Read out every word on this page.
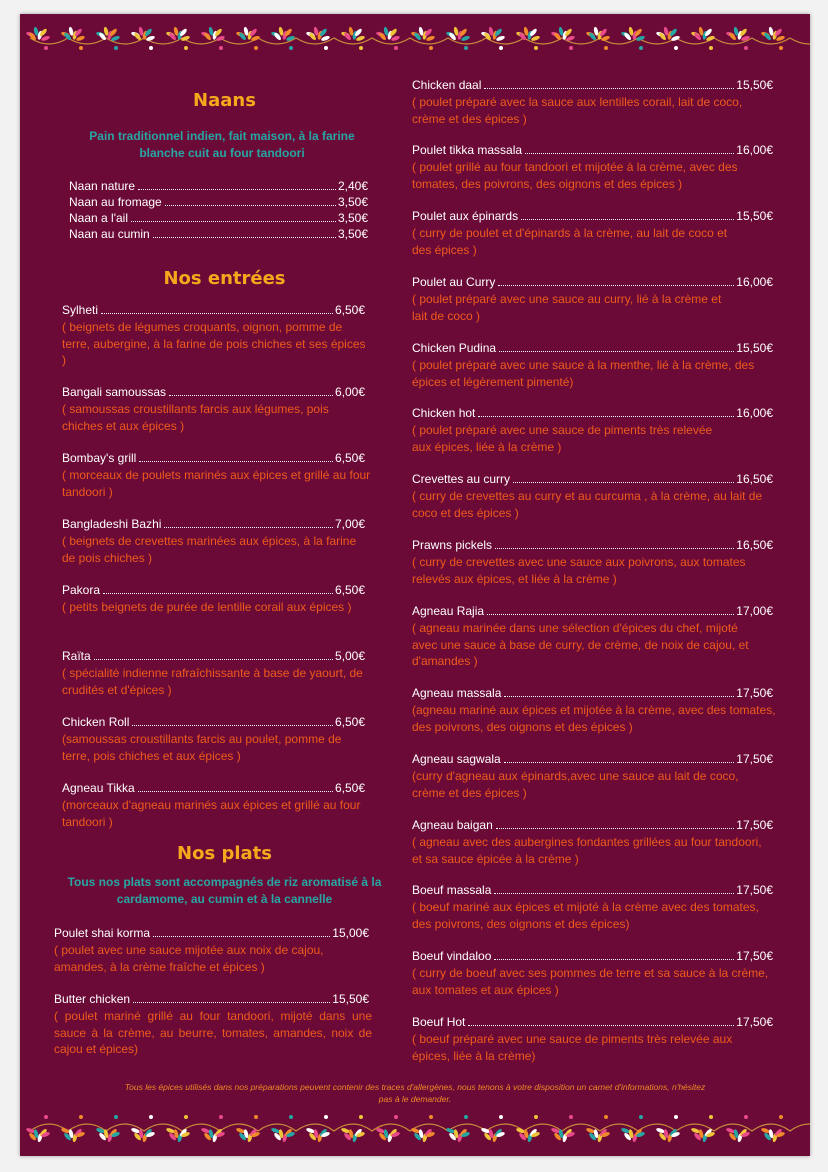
Naans
Pain traditionnel indien, fait maison, à la farine blanche cuit au four tandoori
Naan nature	2,40€
Naan au fromage	3,50€
Naan a l'ail	3,50€
Naan au cumin	3,50€
Nos entrées
Sylheti	6,50€
( beignets de légumes croquants, oignon, pomme de terre, aubergine, à la farine de pois chiches et ses épices )
Bangali samoussas	6,00€
( samoussas croustillants farcis aux légumes, pois chiches et aux épices )
Bombay's grill	6,50€
( morceaux de poulets marinés aux épices et grillé au four tandoori )
Bangladeshi Bazhi	7,00€
( beignets de crevettes marinées aux épices, à la farine de pois chiches )
Pakora	6,50€
( petits beignets de purée de lentille corail aux épices )
Raïta	5,00€
( spécialité indienne rafraîchissante à base de yaourt, de crudités et d'épices )
Chicken Roll	6,50€
(samoussas croustillants farcis au poulet, pomme de terre, pois chiches et aux épices )
Agneau Tikka	6,50€
(morceaux d'agneau marinés aux épices et grillé au four tandoori )
Nos plats
Tous nos plats sont accompagnés de riz aromatisé à la cardamome, au cumin et à la cannelle
Poulet shai korma	15,00€
( poulet avec une sauce mijotée aux noix de cajou, amandes, à la crème fraîche et épices )
Butter chicken	15,50€
( poulet mariné grillé au four tandoori, mijoté dans une sauce à la crème, au beurre, tomates, amandes, noix de cajou et épices)
Chicken daal	15,50€
( poulet préparé avec la sauce aux lentilles corail, lait de coco, crème et des épices )
Poulet tikka massala	16,00€
( poulet grillé au four tandoori et mijotée à la crème, avec des tomates, des poivrons, des oignons et des épices )
Poulet aux épinards	15,50€
( curry de poulet et d'épinards à la crème, au lait de coco et des épices )
Poulet au Curry	16,00€
( poulet préparé avec une sauce au curry, lié à la crème et lait de coco )
Chicken Pudina	15,50€
( poulet préparé avec une sauce à la menthe, lié à la crème, des épices et légèrement pimenté)
Chicken hot	16,00€
( poulet préparé avec une sauce de piments très relevée aux épices, liée à la crème )
Crevettes au curry	16,50€
( curry de crevettes au curry et au curcuma , à la crème, au lait de coco et des épices )
Prawns pickels	16,50€
( curry de crevettes avec une sauce aux poivrons, aux tomates relevés aux épices, et liée à la crème )
Agneau Rajia	17,00€
( agneau marinée dans une sélection d'épices du chef, mijoté avec une sauce à base de curry, de crème, de noix de cajou, et d'amandes )
Agneau massala	17,50€
(agneau mariné aux épices et mijotée à la crème, avec des tomates, des poivrons, des oignons et des épices )
Agneau sagwala	17,50€
(curry d'agneau aux épinards,avec une sauce au lait de coco, crème et des épices )
Agneau baigan	17,50€
( agneau avec des aubergines fondantes grillées au four tandoori, et sa sauce épicée à la crème )
Boeuf massala	17,50€
( boeuf mariné aux épices et mijoté à la crème avec des tomates, des poivrons, des oignons et des épices)
Boeuf vindaloo	17,50€
( curry de boeuf avec ses pommes de terre et sa sauce à la crème, aux tomates et aux épices )
Boeuf Hot	17,50€
( boeuf préparé avec une sauce de piments très relevée aux épices, liée à la crème)
Tous les épices utilisés dans nos préparations peuvent contenir des traces d'allergènes, nous tenons à votre disposition un carnet d'informations, n'hésitez pas à le demander.
